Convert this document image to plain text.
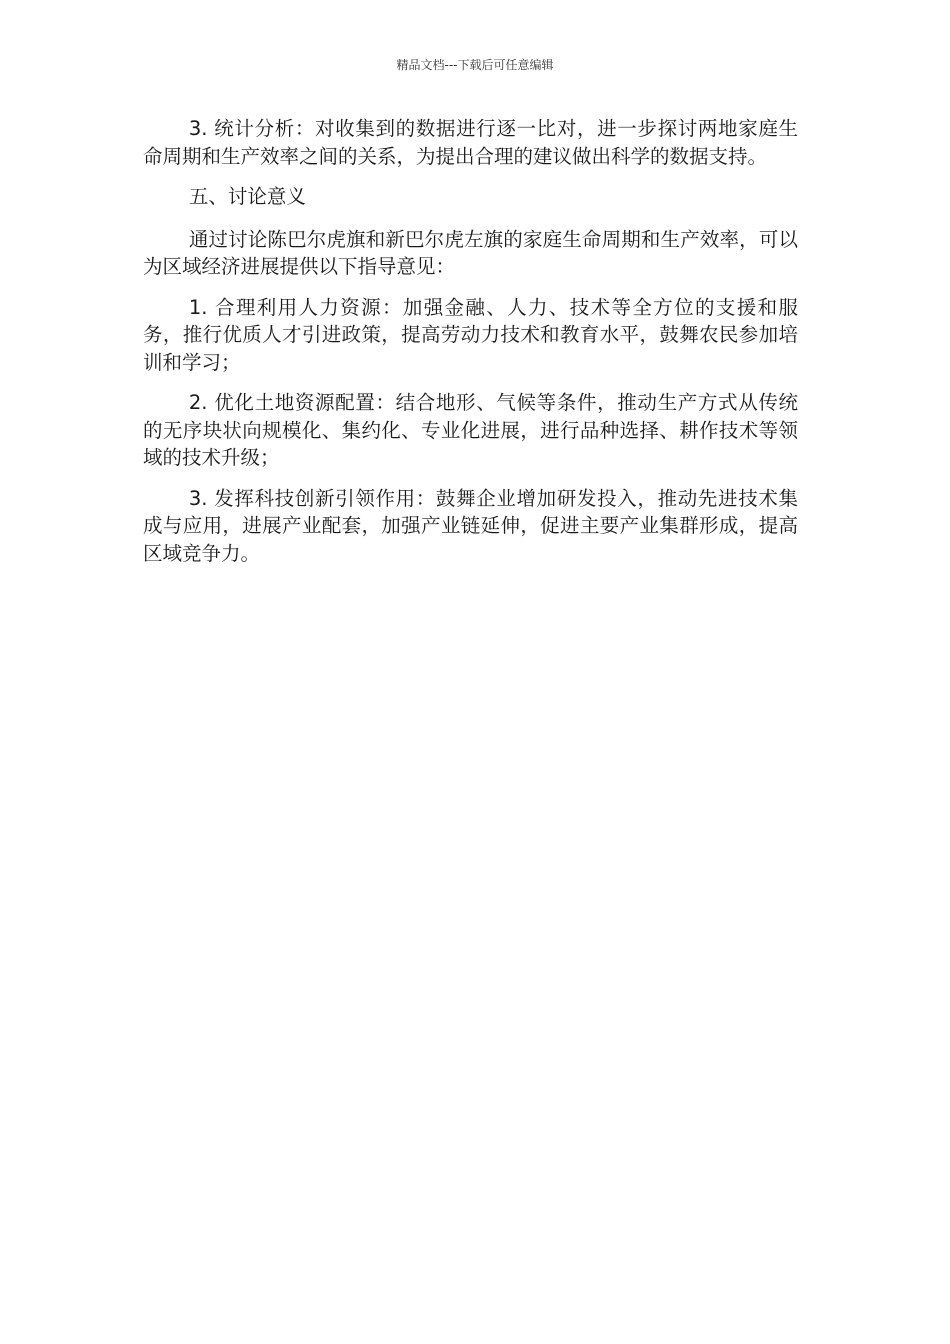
精品文档---下载后可任意编辑

3. 统计分析：对收集到的数据进行逐一比对，进一步探讨两地家庭生命周期和生产效率之间的关系，为提出合理的建议做出科学的数据支持。

五、讨论意义

通过讨论陈巴尔虎旗和新巴尔虎左旗的家庭生命周期和生产效率，可以为区域经济进展提供以下指导意见：

1. 合理利用人力资源：加强金融、人力、技术等全方位的支援和服务，推行优质人才引进政策，提高劳动力技术和教育水平，鼓舞农民参加培训和学习；

2. 优化土地资源配置：结合地形、气候等条件，推动生产方式从传统的无序块状向规模化、集约化、专业化进展，进行品种选择、耕作技术等领域的技术升级；

3. 发挥科技创新引领作用：鼓舞企业增加研发投入，推动先进技术集成与应用，进展产业配套，加强产业链延伸，促进主要产业集群形成，提高区域竞争力。
